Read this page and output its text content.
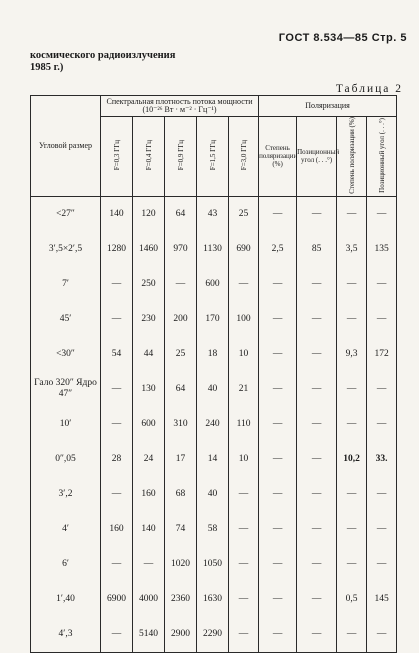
ГОСТ 8.534—85 Стр. 5
космического радиоизлучения
1985 г.)
Таблица 2
Угловой размер	Спектральная плотность потока мощности (10⁻²⁶ Вт · м⁻² · Гц⁻¹)					Поляризация			
	F=0,3 ГГц	F=0,4 ГГц	F=0,9 ГГц	F=1,5 ГГц	F=3,0 ГГц	Степень поляризации (%)	Позиционный угол (. . .°)	Степень поляризации (%)	Позиционный угол (. . .°)
<27″	140	120	64	43	25	—	—	—	—
3′,5×2′,5	1280	1460	970	1130	690	2,5	85	3,5	135
7′	—	250	—	600	—	—	—	—	—
45′	—	230	200	170	100	—	—	—	—
<30″	54	44	25	18	10	—	—	9,3	172
Гало 320″ Ядро 47″	—	130	64	40	21	—	—	—	—
10′	—	600	310	240	110	—	—	—	—
0″,05	28	24	17	14	10	—	—	10,2	33.
3′,2	—	160	68	40	—	—	—	—	—
4′	160	140	74	58	—	—	—	—	—
6′	—	—	1020	1050	—	—	—	—	—
1′,40	6900	4000	2360	1630	—	—	—	0,5	145
4′,3	—	5140	2900	2290	—	—	—	—	—
